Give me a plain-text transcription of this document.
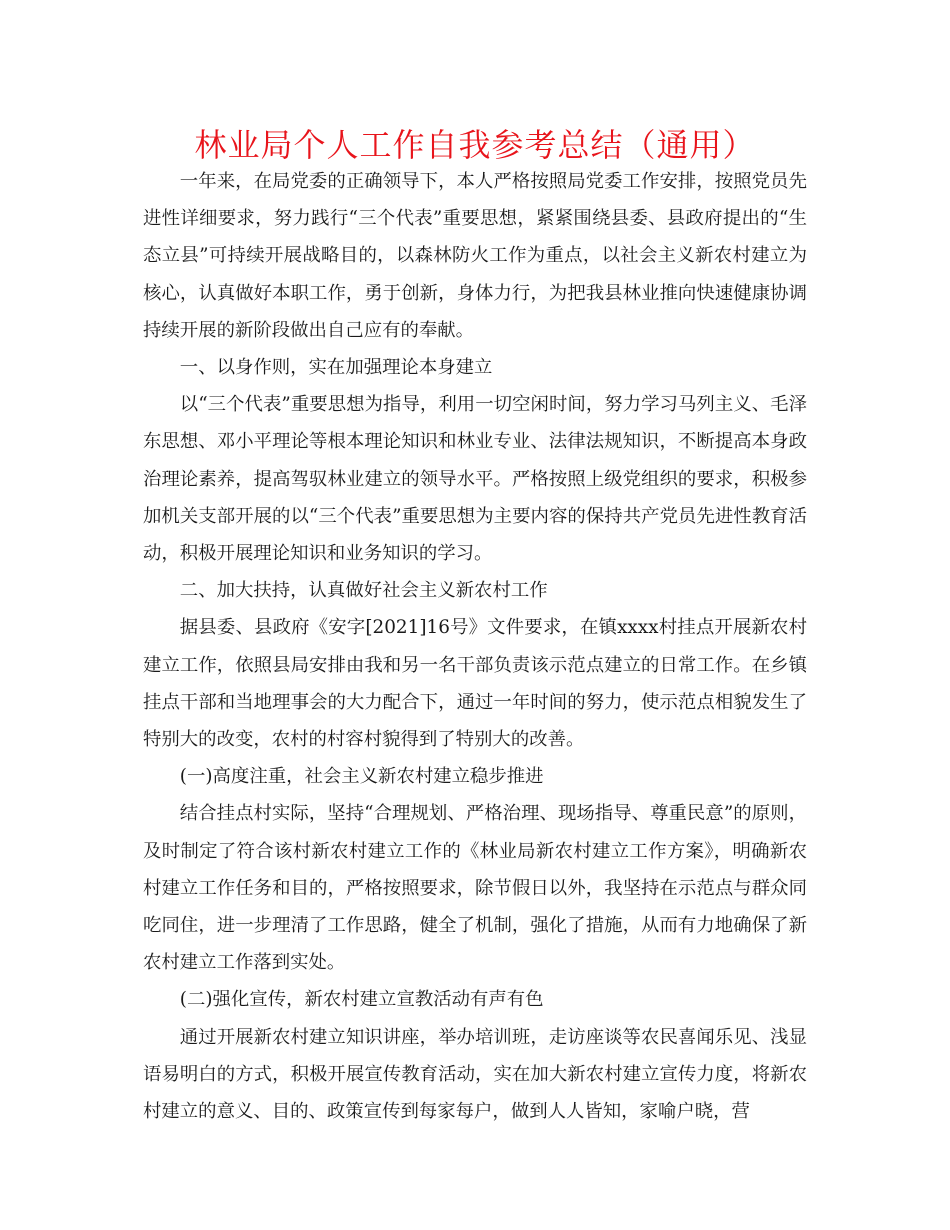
林业局个人工作自我参考总结（通用）

一年来，在局党委的正确领导下，本人严格按照局党委工作安排，按照党员先进性详细要求，努力践行“三个代表”重要思想，紧紧围绕县委、县政府提出的“生态立县”可持续开展战略目的，以森林防火工作为重点，以社会主义新农村建立为核心，认真做好本职工作，勇于创新，身体力行，为把我县林业推向快速健康协调持续开展的新阶段做出自己应有的奉献。

一、以身作则，实在加强理论本身建立

以“三个代表”重要思想为指导，利用一切空闲时间，努力学习马列主义、毛泽东思想、邓小平理论等根本理论知识和林业专业、法律法规知识，不断提高本身政治理论素养，提高驾驭林业建立的领导水平。严格按照上级党组织的要求，积极参加机关支部开展的以“三个代表”重要思想为主要内容的保持共产党员先进性教育活动，积极开展理论知识和业务知识的学习。

二、加大扶持，认真做好社会主义新农村工作

据县委、县政府《安字[2021]16号》文件要求，在镇xxxx村挂点开展新农村建立工作，依照县局安排由我和另一名干部负责该示范点建立的日常工作。在乡镇挂点干部和当地理事会的大力配合下，通过一年时间的努力，使示范点相貌发生了特别大的改变，农村的村容村貌得到了特别大的改善。

(一)高度注重，社会主义新农村建立稳步推进

结合挂点村实际，坚持“合理规划、严格治理、现场指导、尊重民意”的原则，及时制定了符合该村新农村建立工作的《林业局新农村建立工作方案》，明确新农村建立工作任务和目的，严格按照要求，除节假日以外，我坚持在示范点与群众同吃同住，进一步理清了工作思路，健全了机制，强化了措施，从而有力地确保了新农村建立工作落到实处。

(二)强化宣传，新农村建立宣教活动有声有色

通过开展新农村建立知识讲座，举办培训班，走访座谈等农民喜闻乐见、浅显语易明白的方式，积极开展宣传教育活动，实在加大新农村建立宣传力度，将新农村建立的意义、目的、政策宣传到每家每户，做到人人皆知，家喻户晓，营
